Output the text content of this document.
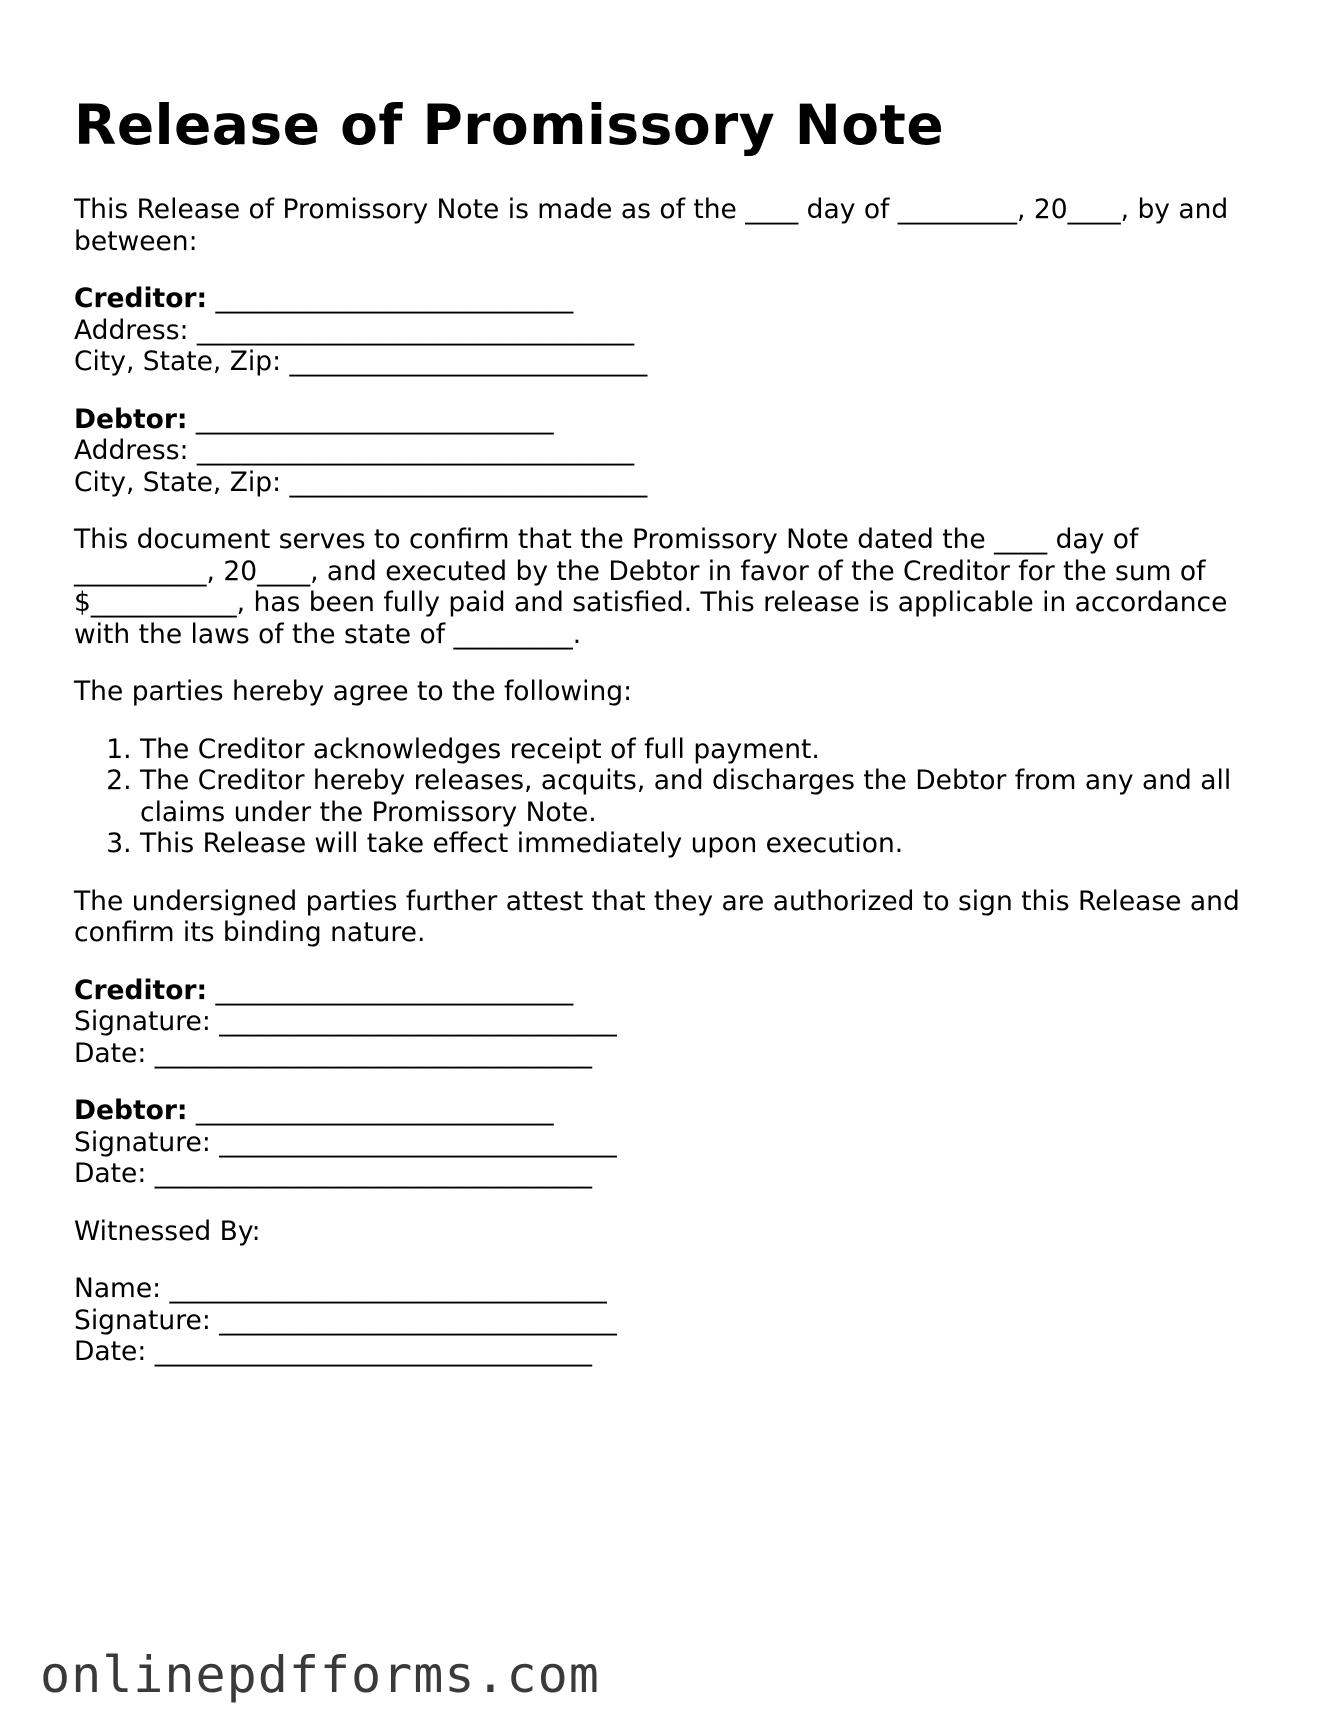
Release of Promissory Note

This Release of Promissory Note is made as of the ____ day of _________, 20____, by and between:

Creditor: ___________________________
Address: _________________________________
City, State, Zip: ___________________________
Debtor: ___________________________
Address: _________________________________
City, State, Zip: ___________________________

This document serves to confirm that the Promissory Note dated the ____ day of __________, 20____, and executed by the Debtor in favor of the Creditor for the sum of $___________, has been fully paid and satisfied. This release is applicable in accordance with the laws of the state of _________.

The parties hereby agree to the following:

1. The Creditor acknowledges receipt of full payment.
2. The Creditor hereby releases, acquits, and discharges the Debtor from any and all claims under the Promissory Note.
3. This Release will take effect immediately upon execution.

The undersigned parties further attest that they are authorized to sign this Release and confirm its binding nature.

Creditor: ___________________________
Signature: ______________________________
Date: _________________________________
Debtor: ___________________________
Signature: ______________________________
Date: _________________________________

Witnessed By:

Name: _________________________________
Signature: ______________________________
Date: _________________________________
onlinepdfforms.com
